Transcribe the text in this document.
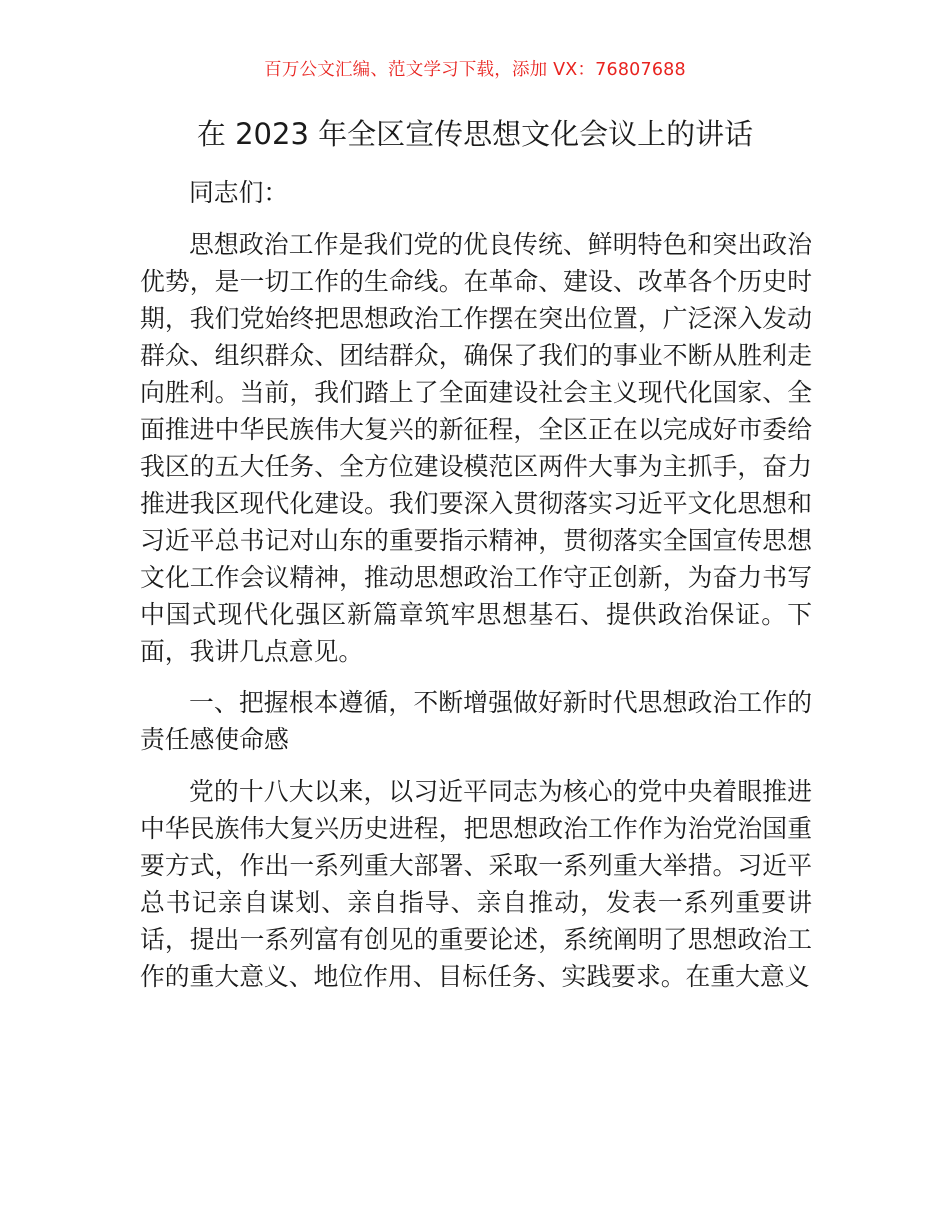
百万公文汇编、范文学习下载，添加 VX：76807688
在 2023 年全区宣传思想文化会议上的讲话

同志们：

思想政治工作是我们党的优良传统、鲜明特色和突出政治优势，是一切工作的生命线。在革命、建设、改革各个历史时期，我们党始终把思想政治工作摆在突出位置，广泛深入发动群众、组织群众、团结群众，确保了我们的事业不断从胜利走向胜利。当前，我们踏上了全面建设社会主义现代化国家、全面推进中华民族伟大复兴的新征程，全区正在以完成好市委给我区的五大任务、全方位建设模范区两件大事为主抓手，奋力推进我区现代化建设。我们要深入贯彻落实习近平文化思想和习近平总书记对山东的重要指示精神，贯彻落实全国宣传思想文化工作会议精神，推动思想政治工作守正创新，为奋力书写中国式现代化强区新篇章筑牢思想基石、提供政治保证。下面，我讲几点意见。

一、把握根本遵循，不断增强做好新时代思想政治工作的责任感使命感

党的十八大以来，以习近平同志为核心的党中央着眼推进中华民族伟大复兴历史进程，把思想政治工作作为治党治国重要方式，作出一系列重大部署、采取一系列重大举措。习近平总书记亲自谋划、亲自指导、亲自推动，发表一系列重要讲话，提出一系列富有创见的重要论述，系统阐明了思想政治工作的重大意义、地位作用、目标任务、实践要求。在重大意义
